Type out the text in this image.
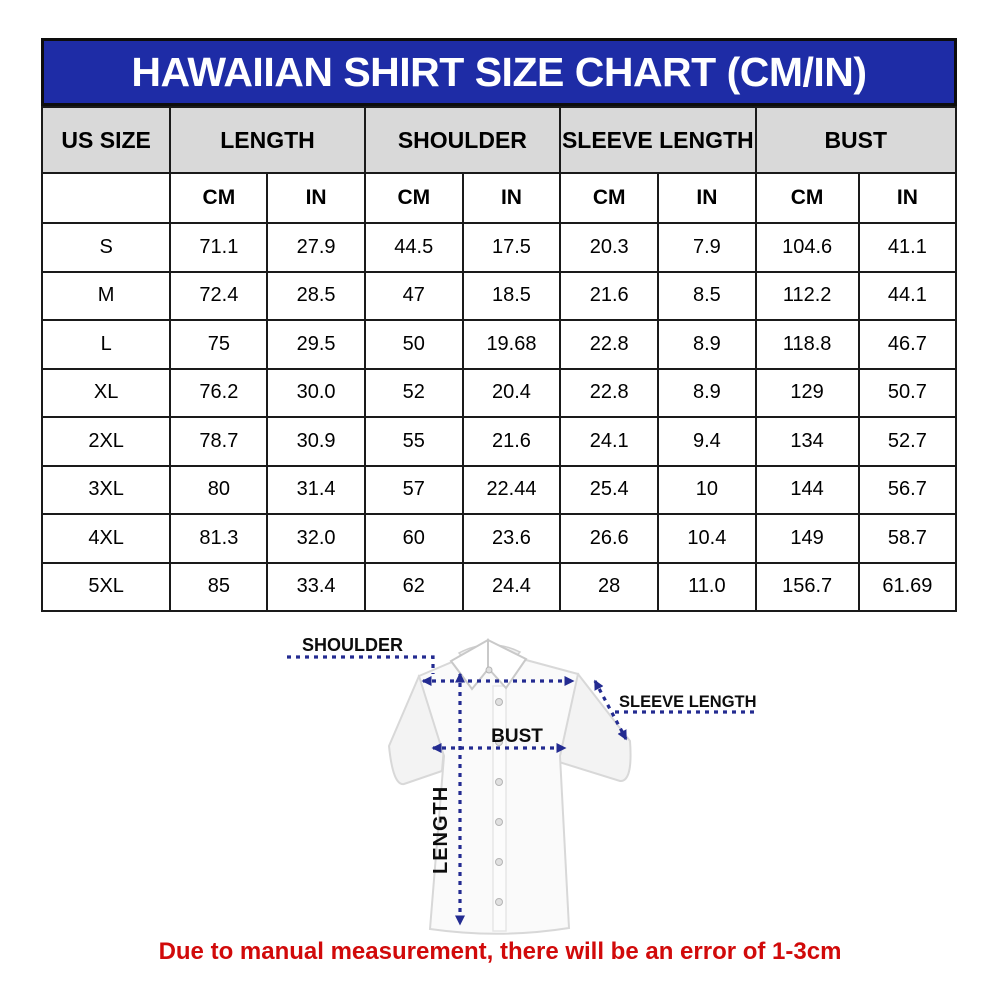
HAWAIIAN SHIRT SIZE CHART (CM/IN)
US SIZE	LENGTH		SHOULDER		SLEEVE LENGTH		BUST	
	CM	IN	CM	IN	CM	IN	CM	IN
S	71.1	27.9	44.5	17.5	20.3	7.9	104.6	41.1
M	72.4	28.5	47	18.5	21.6	8.5	112.2	44.1
L	75	29.5	50	19.68	22.8	8.9	118.8	46.7
XL	76.2	30.0	52	20.4	22.8	8.9	129	50.7
2XL	78.7	30.9	55	21.6	24.1	9.4	134	52.7
3XL	80	31.4	57	22.44	25.4	10	144	56.7
4XL	81.3	32.0	60	23.6	26.6	10.4	149	58.7
5XL	85	33.4	62	24.4	28	11.0	156.7	61.69
SHOULDER
SLEEVE LENGTH
BUST
LENGTH
Due to manual measurement, there will be an error of 1-3cm
